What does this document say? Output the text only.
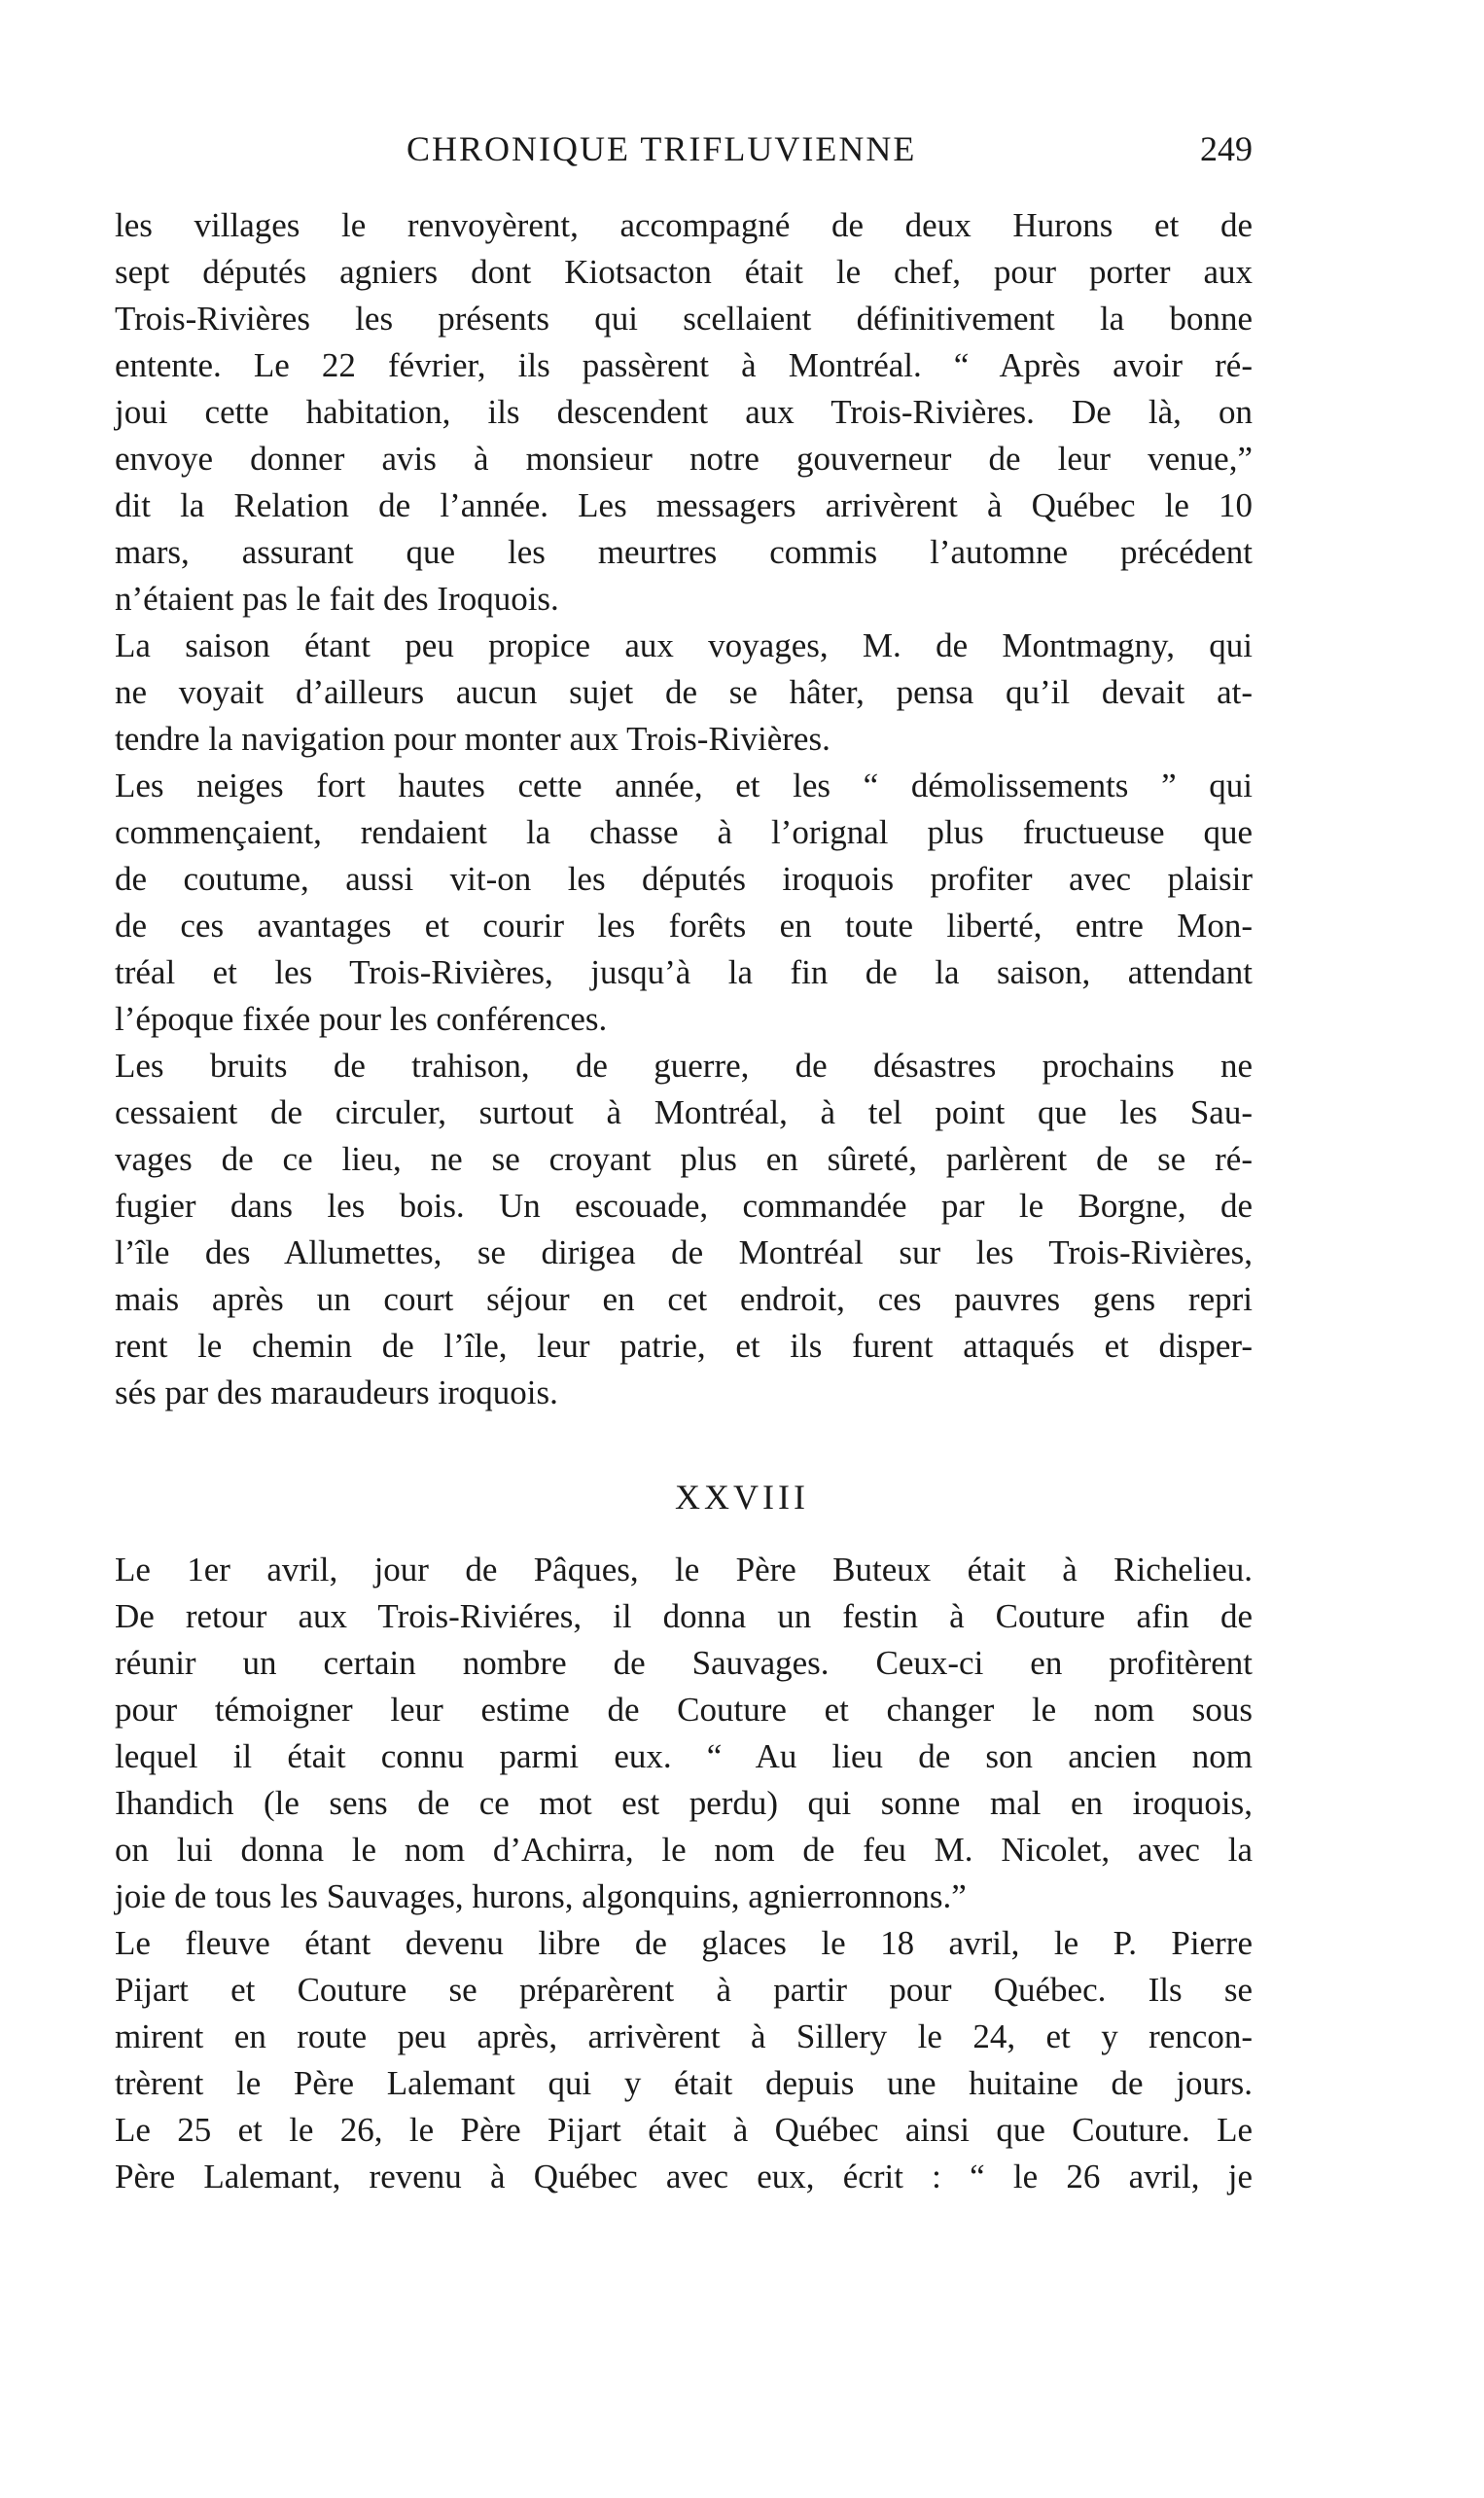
CHRONIQUE TRIFLUVIENNE	249
les villages le renvoyèrent, accompagné de deux Hurons et de
sept députés agniers dont Kiotsacton était le chef, pour porter aux
Trois-Rivières les présents qui scellaient définitivement la bonne
entente. Le 22 février, ils passèrent à Montréal. “ Après avoir ré-
joui cette habitation, ils descendent aux Trois-Rivières. De là, on
envoye donner avis à monsieur notre gouverneur de leur venue,”
dit la Relation de l’année. Les messagers arrivèrent à Québec le 10
mars, assurant que les meurtres commis l’automne précédent
n’étaient pas le fait des Iroquois.
La saison étant peu propice aux voyages, M. de Montmagny, qui
ne voyait d’ailleurs aucun sujet de se hâter, pensa qu’il devait at-
tendre la navigation pour monter aux Trois-Rivières.
Les neiges fort hautes cette année, et les “ démolissements ” qui
commençaient, rendaient la chasse à l’orignal plus fructueuse que
de coutume, aussi vit-on les députés iroquois profiter avec plaisir
de ces avantages et courir les forêts en toute liberté, entre Mon-
tréal et les Trois-Rivières, jusqu’à la fin de la saison, attendant
l’époque fixée pour les conférences.
Les bruits de trahison, de guerre, de désastres prochains ne
cessaient de circuler, surtout à Montréal, à tel point que les Sau-
vages de ce lieu, ne se croyant plus en sûreté, parlèrent de se ré-
fugier dans les bois. Un escouade, commandée par le Borgne, de
l’île des Allumettes, se dirigea de Montréal sur les Trois-Rivières,
mais après un court séjour en cet endroit, ces pauvres gens repri
rent le chemin de l’île, leur patrie, et ils furent attaqués et disper-
sés par des maraudeurs iroquois.
XXVIII
Le 1er avril, jour de Pâques, le Père Buteux était à Richelieu.
De retour aux Trois-Riviéres, il donna un festin à Couture afin de
réunir un certain nombre de Sauvages. Ceux-ci en profitèrent
pour témoigner leur estime de Couture et changer le nom sous
lequel il était connu parmi eux. “ Au lieu de son ancien nom
Ihandich (le sens de ce mot est perdu) qui sonne mal en iroquois,
on lui donna le nom d’Achirra, le nom de feu M. Nicolet, avec la
joie de tous les Sauvages, hurons, algonquins, agnierronnons.”
Le fleuve étant devenu libre de glaces le 18 avril, le P. Pierre
Pijart et Couture se préparèrent à partir pour Québec. Ils se
mirent en route peu après, arrivèrent à Sillery le 24, et y rencon-
trèrent le Père Lalemant qui y était depuis une huitaine de jours.
Le 25 et le 26, le Père Pijart était à Québec ainsi que Couture. Le
Père Lalemant, revenu à Québec avec eux, écrit : “ le 26 avril, je
